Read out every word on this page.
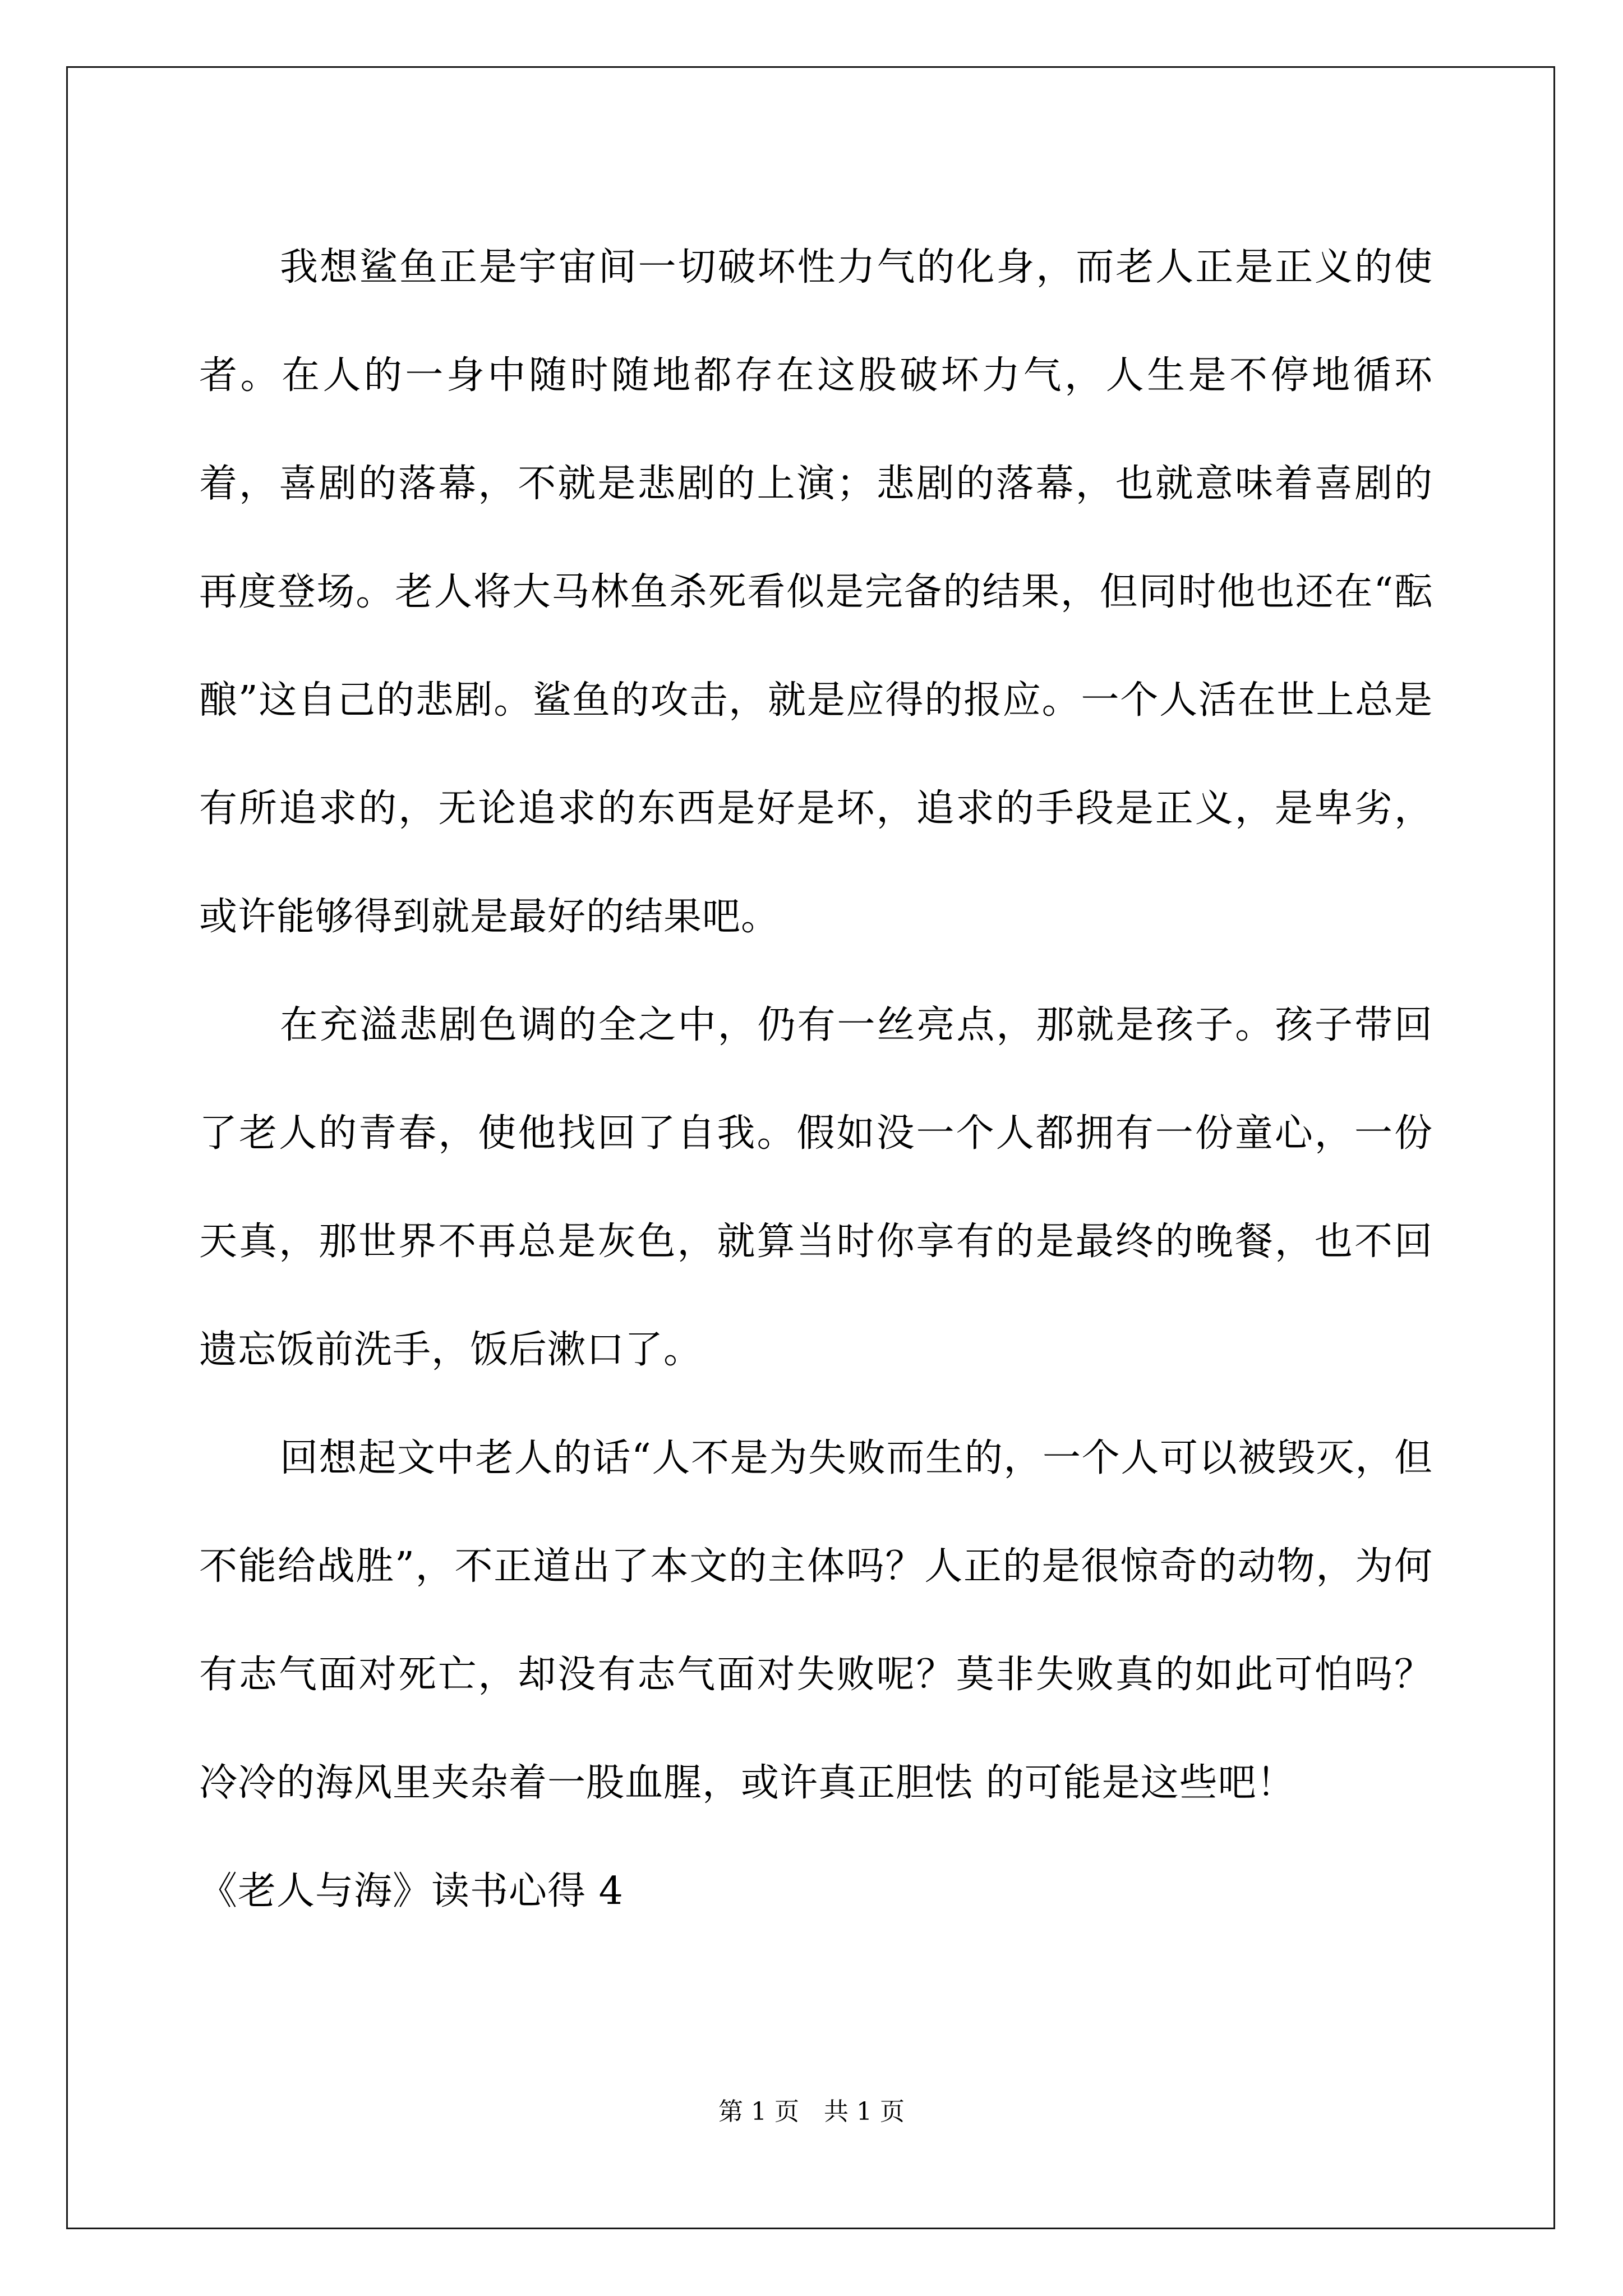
我想鲨鱼正是宇宙间一切破坏性力气的化身，而老人正是正义的使者。在人的一身中随时随地都存在这股破坏力气，人生是不停地循环着，喜剧的落幕，不就是悲剧的上演；悲剧的落幕，也就意味着喜剧的再度登场。老人将大马林鱼杀死看似是完备的结果，但同时他也还在“酝酿”这自己的悲剧。鲨鱼的攻击，就是应得的报应。一个人活在世上总是有所追求的，无论追求的东西是好是坏，追求的手段是正义，是卑劣，或许能够得到就是最好的结果吧。

在充溢悲剧色调的全之中，仍有一丝亮点，那就是孩子。孩子带回了老人的青春，使他找回了自我。假如没一个人都拥有一份童心，一份天真，那世界不再总是灰色，就算当时你享有的是最终的晚餐，也不回遗忘饭前洗手，饭后漱口了。

回想起文中老人的话“人不是为失败而生的，一个人可以被毁灭，但不能给战胜”，不正道出了本文的主体吗？人正的是很惊奇的动物，为何有志气面对死亡，却没有志气面对失败呢？莫非失败真的如此可怕吗？冷冷的海风里夹杂着一股血腥，或许真正胆怯 的可能是这些吧！

《老人与海》读书心得 4

第 1 页　共 1 页
